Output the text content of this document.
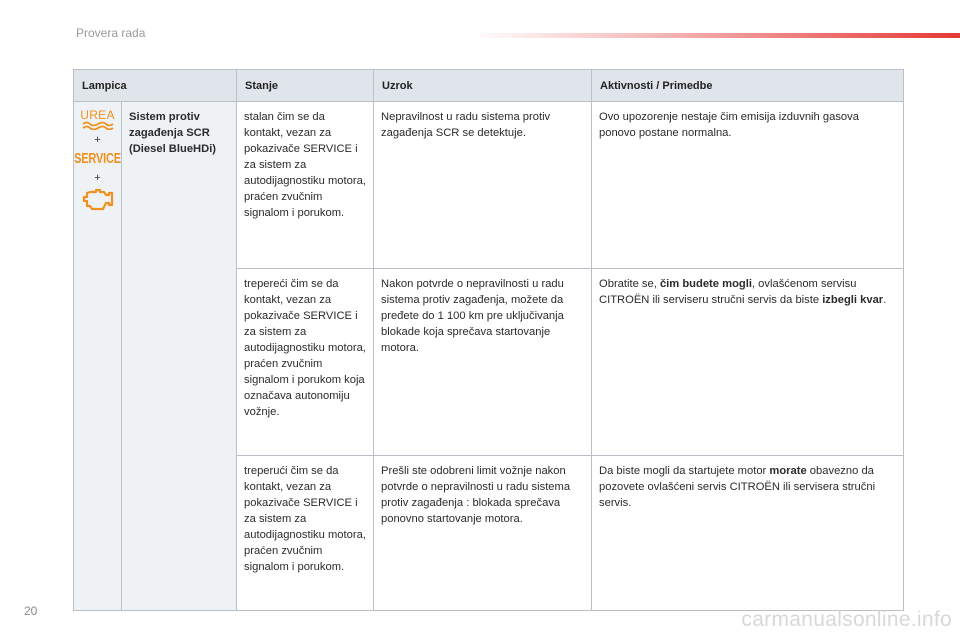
Provera rada
Lampica		Stanje	Uzrok	Aktivnosti / Primedbe

UREA
+
SERVICE
+	Sistem protiv zagađenja SCR (Diesel BlueHDi)	stalan čim se da kontakt, vezan za pokazivače SERVICE i za sistem za autodijagnostiku motora, praćen zvučnim signalom i porukom.	Nepravilnost u radu sistema protiv zagađenja SCR se detektuje.	Ovo upozorenje nestaje čim emisija izduvnih gasova ponovo postane normalna.
		trepereći čim se da kontakt, vezan za pokazivače SERVICE i za sistem za autodijagnostiku motora, praćen zvučnim signalom i porukom koja označava autonomiju vožnje.	Nakon potvrde o nepravilnosti u radu sistema protiv zagađenja, možete da pređete do 1 100 km pre uključivanja blokade koja sprečava startovanje motora.	Obratite se, čim budete mogli, ovlašćenom servisu CITROËN ili serviseru stručni servis da biste izbegli kvar.
		treperući čim se da kontakt, vezan za pokazivače SERVICE i za sistem za autodijagnostiku motora, praćen zvučnim signalom i porukom.	Prešli ste odobreni limit vožnje nakon potvrde o nepravilnosti u radu sistema protiv zagađenja : blokada sprečava ponovno startovanje motora.	Da biste mogli da startujete motor morate obavezno da pozovete ovlašćeni servis CITROËN ili servisera stručni servis.
20	carmanualsonline.info
